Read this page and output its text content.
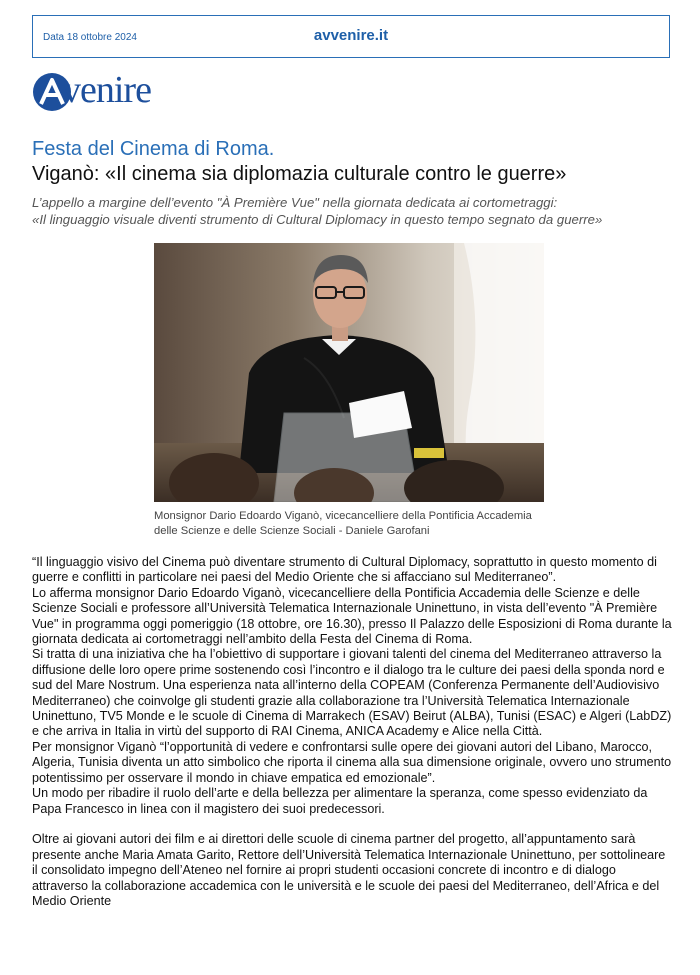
Data 18 ottobre 2024	avvenire.it
venire
Festa del Cinema di Roma.
Viganò: «Il cinema sia diplomazia culturale contro le guerre»
L’appello a margine dell’evento "À Première Vue" nella giornata dedicata ai cortometraggi:
«Il linguaggio visuale diventi strumento di Cultural Diplomacy in questo tempo segnato da guerre»
Monsignor Dario Edoardo Viganò, vicecancelliere della Pontificia Accademia
delle Scienze e delle Scienze Sociali - Daniele Garofani

“Il linguaggio visivo del Cinema può diventare strumento di Cultural Diplomacy, soprattutto in questo momento di guerre e conflitti in particolare nei paesi del Medio Oriente che si affacciano sul Mediterraneo”.

Lo afferma monsignor Dario Edoardo Viganò, vicecancelliere della Pontificia Accademia delle Scienze e delle Scienze Sociali e professore all’Università Telematica Internazionale Uninettuno, in vista dell’evento "À Première Vue" in programma oggi pomeriggio (18 ottobre, ore 16.30), presso Il Palazzo delle Esposizioni di Roma durante la giornata dedicata ai cortometraggi nell’ambito della Festa del Cinema di Roma.

Si tratta di una iniziativa che ha l’obiettivo di supportare i giovani talenti del cinema del Mediterraneo attraverso la diffusione delle loro opere prime sostenendo così l’incontro e il dialogo tra le culture dei paesi della sponda nord e sud del Mare Nostrum. Una esperienza nata all’interno della COPEAM (Conferenza Permanente dell’Audiovisivo Mediterraneo) che coinvolge gli studenti grazie alla collaborazione tra l’Università Telematica Internazionale Uninettuno, TV5 Monde e le scuole di Cinema di Marrakech (ESAV) Beirut (ALBA), Tunisi (ESAC) e Algeri (LabDZ) e che arriva in Italia in virtù del supporto di RAI Cinema, ANICA Academy e Alice nella Città.

Per monsignor Viganò “l’opportunità di vedere e confrontarsi sulle opere dei giovani autori del Libano, Marocco, Algeria, Tunisia diventa un atto simbolico che riporta il cinema alla sua dimensione originale, ovvero uno strumento potentissimo per osservare il mondo in chiave empatica ed emozionale”.

Un modo per ribadire il ruolo dell’arte e della bellezza per alimentare la speranza, come spesso evidenziato da Papa Francesco in linea con il magistero dei suoi predecessori.

Oltre ai giovani autori dei film e ai direttori delle scuole di cinema partner del progetto, all’appuntamento sarà presente anche Maria Amata Garito, Rettore dell’Università Telematica Internazionale Uninettuno, per sottolineare il consolidato impegno dell’Ateneo nel fornire ai propri studenti occasioni concrete di incontro e di dialogo attraverso la collaborazione accademica con le università e le scuole dei paesi del Mediterraneo, dell’Africa e del Medio Oriente
